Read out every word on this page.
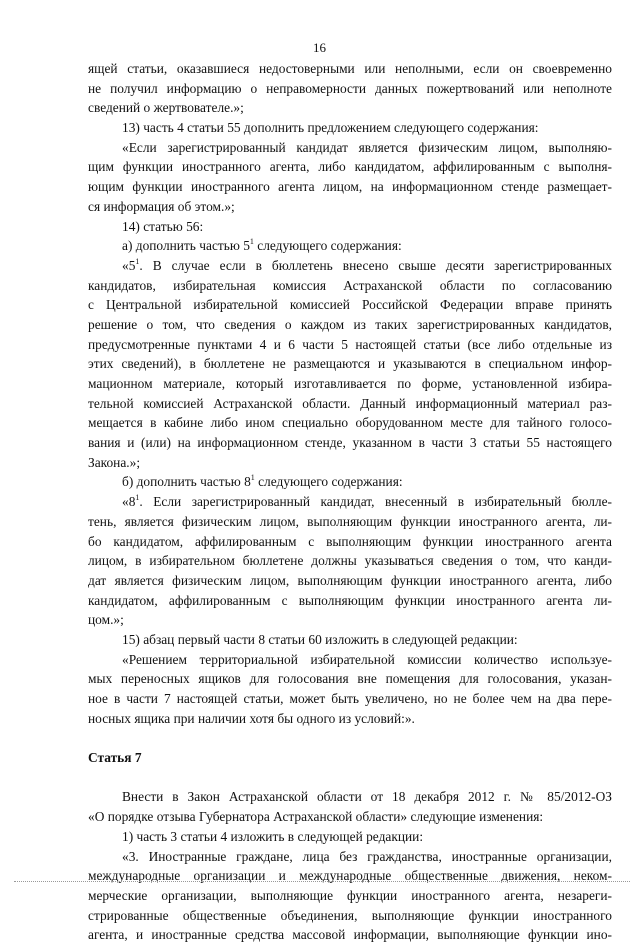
16
ящей статьи, оказавшиеся недостоверными или неполными, если он своевременно
не получил информацию о неправомерности данных пожертвований или неполноте
сведений о жертвователе.»;
13) часть 4 статьи 55 дополнить предложением следующего содержания:
«Если зарегистрированный кандидат является физическим лицом, выполняю-
щим функции иностранного агента, либо кандидатом, аффилированным с выполня-
ющим функции иностранного агента лицом, на информационном стенде размещает-
ся информация об этом.»;
14) статью 56:
а) дополнить частью $5^1$ следующего содержания:
«$5^1$. В случае если в бюллетень внесено свыше десяти зарегистрированных
кандидатов, избирательная комиссия Астраханской области по согласованию
с Центральной избирательной комиссией Российской Федерации вправе принять
решение о том, что сведения о каждом из таких зарегистрированных кандидатов,
предусмотренные пунктами 4 и 6 части 5 настоящей статьи (все либо отдельные из
этих сведений), в бюллетене не размещаются и указываются в специальном инфор-
мационном материале, который изготавливается по форме, установленной избира-
тельной комиссией Астраханской области. Данный информационный материал раз-
мещается в кабине либо ином специально оборудованном месте для тайного голосо-
вания и (или) на информационном стенде, указанном в части 3 статьи 55 настоящего
Закона.»;
б) дополнить частью $8^1$ следующего содержания:
«$8^1$. Если зарегистрированный кандидат, внесенный в избирательный бюлле-
тень, является физическим лицом, выполняющим функции иностранного агента, ли-
бо кандидатом, аффилированным с выполняющим функции иностранного агента
лицом, в избирательном бюллетене должны указываться сведения о том, что канди-
дат является физическим лицом, выполняющим функции иностранного агента, либо
кандидатом, аффилированным с выполняющим функции иностранного агента ли-
цом.»;
15) абзац первый части 8 статьи 60 изложить в следующей редакции:
«Решением территориальной избирательной комиссии количество используе-
мых переносных ящиков для голосования вне помещения для голосования, указан-
ное в части 7 настоящей статьи, может быть увеличено, но не более чем на два пере-
носных ящика при наличии хотя бы одного из условий:».
Статья 7
Внести в Закон Астраханской области от 18 декабря 2012 г. № 85/2012-ОЗ
«О порядке отзыва Губернатора Астраханской области» следующие изменения:
1) часть 3 статьи 4 изложить в следующей редакции:
«3. Иностранные граждане, лица без гражданства, иностранные организации,
международные организации и международные общественные движения, неком-
мерческие организации, выполняющие функции иностранного агента, незареги-
стрированные общественные объединения, выполняющие функции иностранного
агента, и иностранные средства массовой информации, выполняющие функции ино-
